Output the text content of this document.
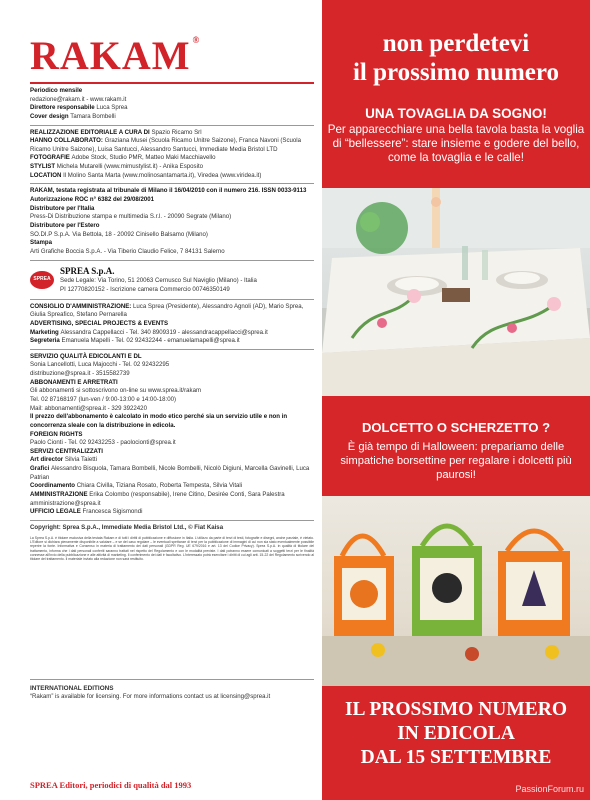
RAKAM ®
Periodico mensile
redazione@rakam.it - www.rakam.it
Direttore responsabile Luca Sprea
Cover design Tamara Bombelli
REALIZZAZIONE EDITORIALE A CURA DI Spazio Ricamo Srl
HANNO COLLABORATO: Graziana Musei (Scuola Ricamo Unitre Saizone), Franca Navoni (Scuola Ricamo Unitre Saizone), Luisa Santucci, Alessandro Santucci, Immediate Media Bristol LTD
FOTOGRAFIE Adobe Stock, Studio PMR, Matteo Maki Macchiavello
STYLIST Michela Mutarelli (www.mimustylist.it) - Anika Esposito
LOCATION Il Molino Santa Marta (www.molinosantamarta.it), Viredea (www.viridea.it)
RAKAM, testata registrata al tribunale di Milano il 16/04/2010 con il numero 216. ISSN 0033-9113
Autorizzazione ROC n° 6382 del 29/08/2001
Distributore per l'Italia
Press-Di Distribuzione stampa e multimedia S.r.l. - 20090 Segrate (Milano)
Distributore per l'Estero
SO.DI.P S.p.A. Via Bettola, 18 - 20092 Cinisello Balsamo (Milano)
Stampa
Arti Grafiche Boccia S.p.A. - Via Tiberio Claudio Felice, 7 84131 Salerno
SPREA
SPREA S.p.A.
Sede Legale: Via Torino, 51 20063 Cernusco Sul Naviglio (Milano) - Italia
PI 12770820152 - Iscrizione camera Commercio 00746350149
CONSIGLIO D'AMMINISTRAZIONE: Luca Sprea (Presidente), Alessandro Agnoli (AD), Mario Sprea, Giulia Spreafico, Stefano Pernarella
ADVERTISING, SPECIAL PROJECTS & EVENTS
Marketing Alessandra Cappellacci - Tel. 340 8909319 - alessandracappellacci@sprea.it
Segreteria Emanuela Mapelli - Tel. 02 92432244 - emanuelamapelli@sprea.it
SERVIZIO QUALITÀ EDICOLANTI E DL
Sonia Lancellotti, Luca Majocchi - Tel. 02 92432295
distribuzione@sprea.it - 3515582739
ABBONAMENTI E ARRETRATI
Gli abbonamenti si sottoscrivono on-line su www.sprea.it/rakam
Tel. 02 87168197 (lun-ven / 9:00-13:00 e 14:00-18:00)
Mail: abbonamenti@sprea.it - 329 3922420
Il prezzo dell'abbonamento è calcolato in modo etico perché sia un servizio utile e non in concorrenza sleale con la distribuzione in edicola.
FOREIGN RIGHTS
Paolo Cionti - Tel. 02 92432253 - paolocionti@sprea.it
SERVIZI CENTRALIZZATI
Art director Silvia Taietti
Grafici Alessandro Bisquola, Tamara Bombelli, Nicole Bombelli, Nicolò Digiuni, Marcella Gavinelli, Luca Patrian
Coordinamento Chiara Civilla, Tiziana Rosato, Roberta Tempesta, Silvia Vitali
AMMINISTRAZIONE Erika Colombo (responsabile), Irene Citino, Desirée Conti, Sara Palestra amministrazione@sprea.it
UFFICIO LEGALE Francesca Sigismondi
Copyright: Sprea S.p.A., Immediate Media Bristol Ltd., © Fiat Kaisa
La Sprea S.p.A. è titolare esclusiva della testata Rakam e di tutti i diritti di pubblicazione e diffusione in Italia. L'utilizzo da parte di terzi di testi, fotografie e disegni, anche parziale, è vietato. L'Editore si dichiara pienamente disponibile a valutare – e se del caso regolare – le eventuali spettanze di terzi per la pubblicazione di immagini di cui non sia stato eventualmente possibile reperire la fonte. Informativa e Consenso in materia di trattamento dei dati personali (GDPR Reg. UE 679/2016 e art. 13 del Codice Privacy). Sprea S.p.A. in qualità di titolare del trattamento, informa che i dati personali conferiti saranno trattati nel rispetto del Regolamento e con le modalità previste. I dati potranno essere comunicati a soggetti terzi per le finalità connesse all'invio della pubblicazione e alle attività di marketing. Il conferimento dei dati è facoltativo. L'interessato potrà esercitare i diritti di cui agli artt. 15-22 del Regolamento scrivendo al titolare del trattamento. Il materiale inviato alla redazione non sarà restituito.
INTERNATIONAL EDITIONS
“Rakam” is available for licensing. For more informations contact us at licensing@sprea.it
SPREA Editori, periodici di qualità dal 1993
non perdetevi
il prossimo numero
UNA TOVAGLIA DA SOGNO!
Per apparecchiare una bella tavola basta la voglia di “bellessere”: stare insieme e godere del bello, come la tovaglia e le calle!
DOLCETTO O SCHERZETTO ?
È già tempo di Halloween: prepariamo delle simpatiche borsettine per regalare i dolcetti più paurosi!
IL PROSSIMO NUMERO
IN EDICOLA
DAL 15 SETTEMBRE
PassionForum.ru
